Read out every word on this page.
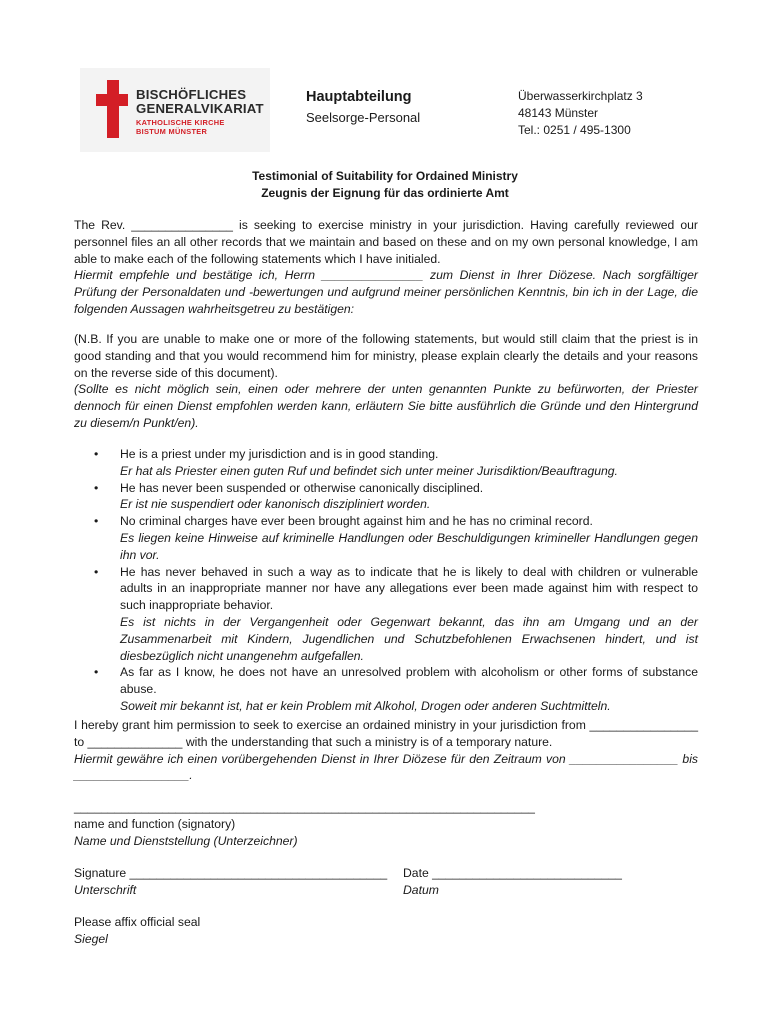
BISCHÖFLICHES
GENERALVIKARIAT
KATHOLISCHE KIRCHE
BISTUM MÜNSTER
Hauptabteilung
Seelsorge-Personal
Überwasserkirchplatz 3
48143 Münster
Tel.: 0251 / 495-1300
Testimonial of Suitability for Ordained Ministry
Zeugnis der Eignung für das ordinierte Amt
The Rev. _______________ is seeking to exercise ministry in your jurisdiction. Having carefully reviewed our personnel files an all other records that we maintain and based on these and on my own personal knowledge, I am able to make each of the following statements which I have initialed.
Hiermit empfehle und bestätige ich, Herrn _______________ zum Dienst in Ihrer Diözese. Nach sorgfältiger Prüfung der Personaldaten und -bewertungen und aufgrund meiner persönlichen Kenntnis, bin ich in der Lage, die folgenden Aussagen wahrheitsgetreu zu bestätigen:
(N.B. If you are unable to make one or more of the following statements, but would still claim that the priest is in good standing and that you would recommend him for ministry, please explain clearly the details and your reasons on the reverse side of this document).
(Sollte es nicht möglich sein, einen oder mehrere der unten genannten Punkte zu befürworten, der Priester dennoch für einen Dienst empfohlen werden kann, erläutern Sie bitte ausführlich die Gründe und den Hintergrund zu diesem/n Punkt/en).
• He is a priest under my jurisdiction and is in good standing.
Er hat als Priester einen guten Ruf und befindet sich unter meiner Jurisdiktion/Beauftragung.
• He has never been suspended or otherwise canonically disciplined.
Er ist nie suspendiert oder kanonisch diszipliniert worden.
• No criminal charges have ever been brought against him and he has no criminal record.
Es liegen keine Hinweise auf kriminelle Handlungen oder Beschuldigungen krimineller Handlungen gegen ihn vor.
• He has never behaved in such a way as to indicate that he is likely to deal with children or vulnerable adults in an inappropriate manner nor have any allegations ever been made against him with respect to such inappropriate behavior.
Es ist nichts in der Vergangenheit oder Gegenwart bekannt, das ihn am Umgang und an der Zusammenarbeit mit Kindern, Jugendlichen und Schutzbefohlenen Erwachsenen hindert, und ist diesbezüglich nicht unangenehm aufgefallen.
• As far as I know, he does not have an unresolved problem with alcoholism or other forms of substance abuse.
Soweit mir bekannt ist, hat er kein Problem mit Alkohol, Drogen oder anderen Suchtmitteln.
I hereby grant him permission to seek to exercise an ordained ministry in your jurisdiction from ________________ to ______________ with the understanding that such a ministry is of a temporary nature.
Hiermit gewähre ich einen vorübergehenden Dienst in Ihrer Diözese für den Zeitraum von ________________ bis _________________.
____________________________________________________________________
name and function (signatory)
Name und Dienststellung (Unterzeichner)
Signature ______________________________________
Unterschrift
Date ____________________________
Datum
Please affix official seal
Siegel
